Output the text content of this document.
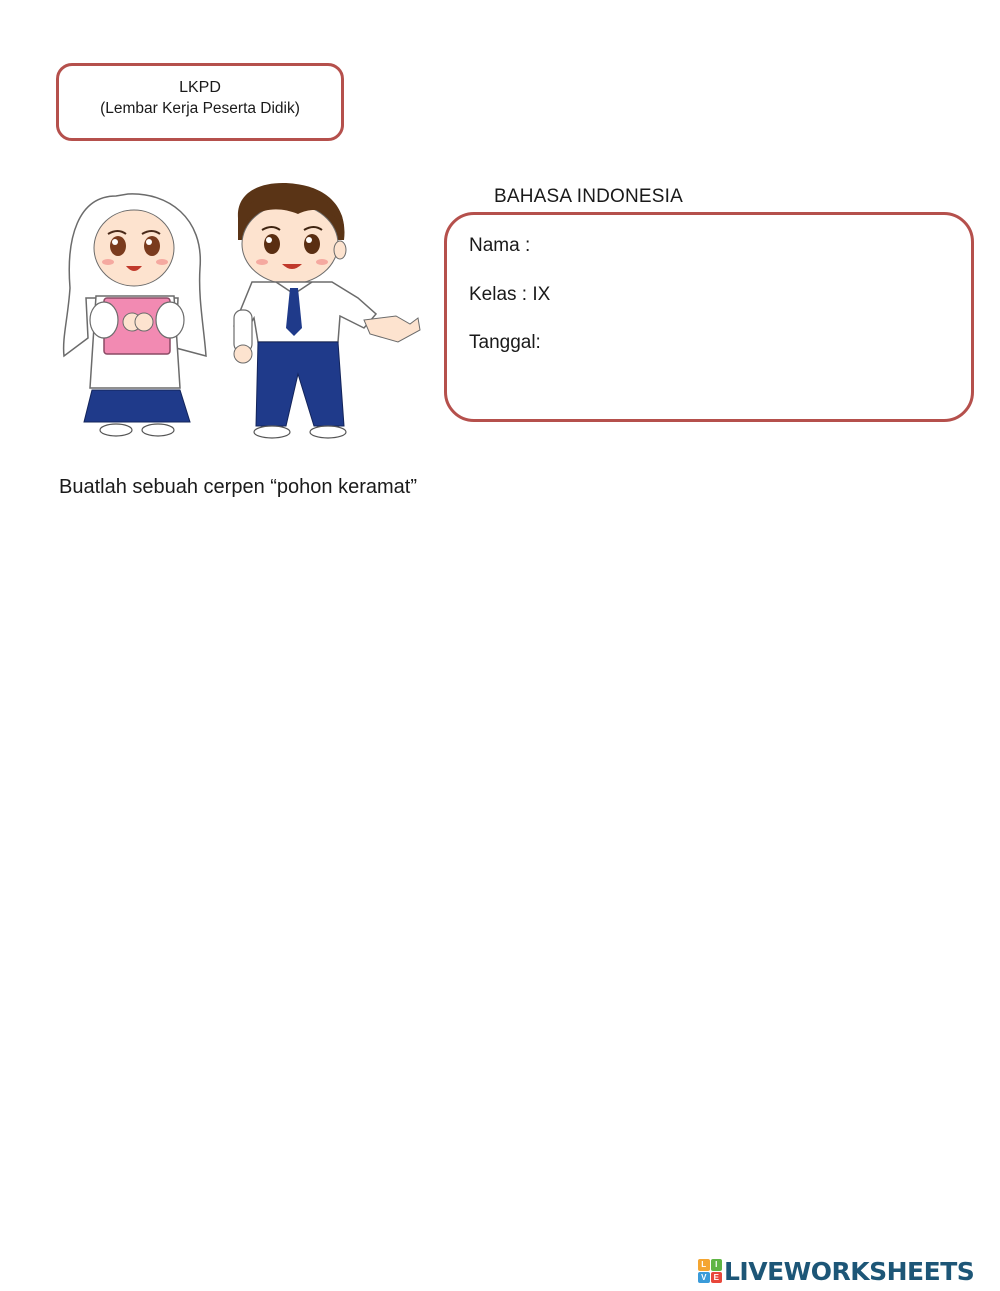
LKPD
(Lembar Kerja Peserta Didik)
BAHASA INDONESIA
Nama :
Kelas : IX
Tanggal:
Buatlah sebuah cerpen “pohon keramat”
L	I
V E LIVEWORKSHEETS
